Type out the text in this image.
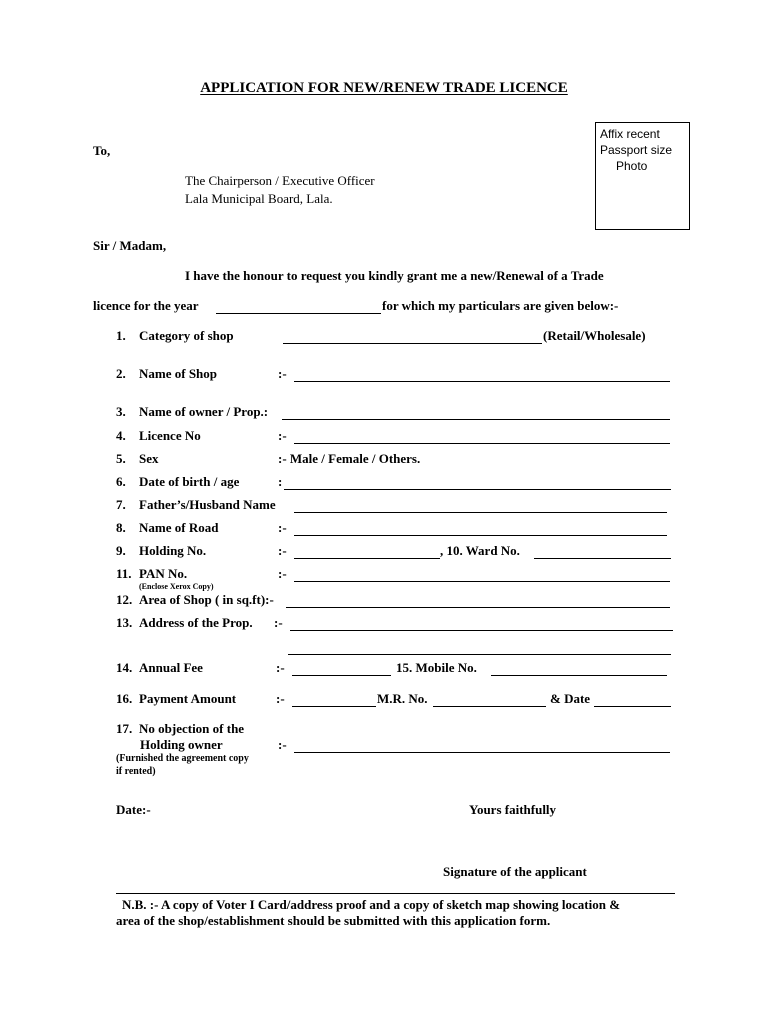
APPLICATION FOR NEW/RENEW TRADE LICENCE
Affix recent
Passport size
Photo
To,
The Chairperson / Executive Officer
Lala Municipal Board, Lala.
Sir / Madam,
I have the honour to request you kindly grant me a new/Renewal of a Trade
licence for the year	for which my particulars are given below:-
1. Category of shop	(Retail/Wholesale)
2. Name of Shop	:-
3. Name of owner / Prop.:
4. Licence No	:-
5. Sex	:- Male / Female / Others.
6. Date of birth / age	:
7. Father’s/Husband Name
8. Name of Road	:-
9. Holding No.	:-	, 10. Ward No.
11. PAN No.	:-
(Enclose Xerox Copy)
12. Area of Shop ( in sq.ft):-
13. Address of the Prop. :-
14. Annual Fee	:-	15. Mobile No.
16. Payment Amount	:-	M.R. No.	& Date
17. No objection of the
Holding owner	:-
(Furnished the agreement copy
if rented)
Date:-	Yours faithfully
Signature of the applicant
N.B. :- A copy of Voter I Card/address proof and a copy of sketch map showing location &
area of the shop/establishment should be submitted with this application form.
